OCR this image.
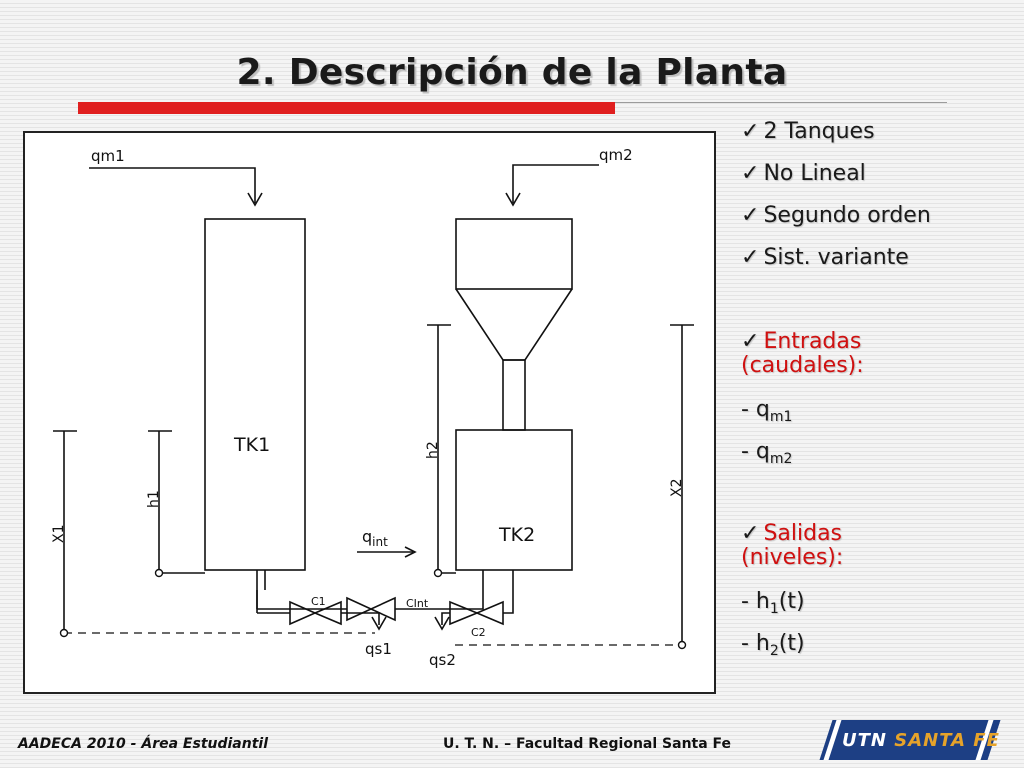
2. Descripción de la Planta
qm1	qm2
TK1
TK2
h1
X1
h2
X2
$q_{int}$
C1
C2
CInt
qs1
qs2
✓ 2 Tanques
✓ No Lineal
✓ Segundo orden
✓ Sist. variante
✓ Entradas
(caudales):
- $q_{m1}$
- $q_{m2}$
✓ Salidas
(niveles):
- $h_1(t)$
- $h_2(t)$
AADECA 2010 - Área Estudiantil	U. T. N. – Facultad Regional Santa Fe	UTN SANTA FE
